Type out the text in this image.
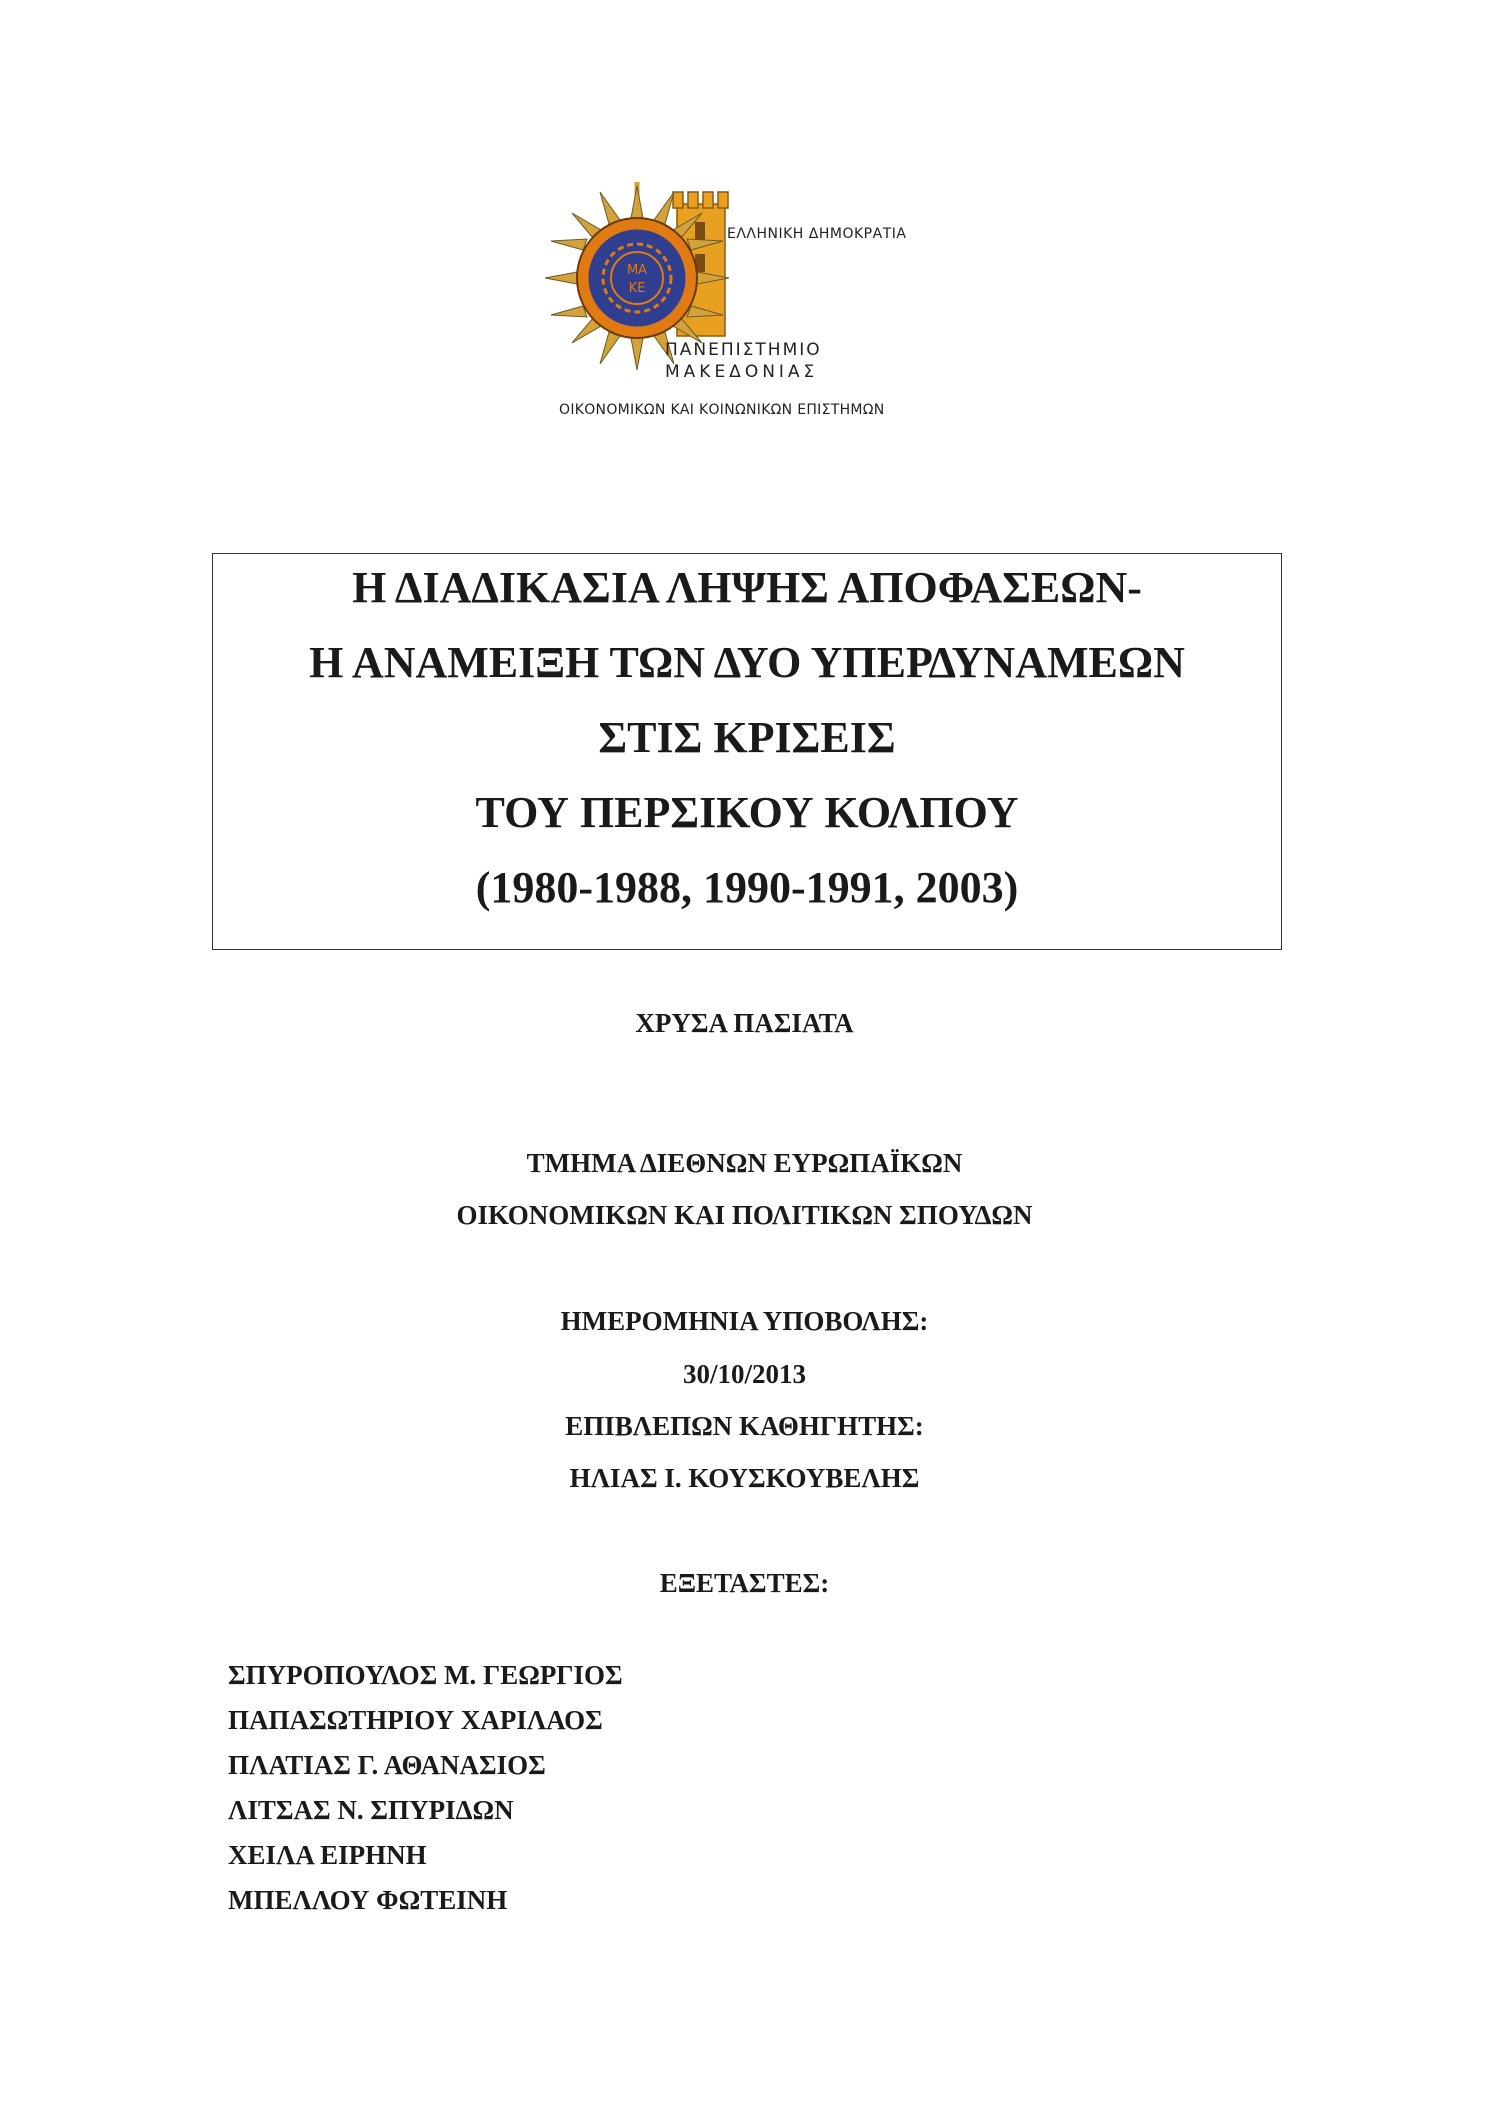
ΜΑ
ΚΕ
ΕΛΛΗΝΙΚΗ ΔΗΜΟΚΡΑΤΙΑ
ΠΑΝΕΠΙΣΤΗΜΙΟ
ΜΑΚΕΔΟΝΙΑΣ
ΟΙΚΟΝΟΜΙΚΩΝ ΚΑΙ ΚΟΙΝΩΝΙΚΩΝ ΕΠΙΣΤΗΜΩΝ
Η ΔΙΑΔΙΚΑΣΙΑ ΛΗΨΗΣ ΑΠΟΦΑΣΕΩΝ-
Η ΑΝΑΜΕΙΞΗ ΤΩΝ ΔΥΟ ΥΠΕΡΔΥΝΑΜΕΩΝ
ΣΤΙΣ ΚΡΙΣΕΙΣ
ΤΟΥ ΠΕΡΣΙΚΟΥ ΚΟΛΠΟΥ
(1980-1988, 1990-1991, 2003)
ΧΡΥΣΑ ΠΑΣΙΑΤΑ
ΤΜΗΜΑ ΔΙΕΘΝΩΝ ΕΥΡΩΠΑΪΚΩΝ
ΟΙΚΟΝΟΜΙΚΩΝ ΚΑΙ ΠΟΛΙΤΙΚΩΝ ΣΠΟΥΔΩΝ
ΗΜΕΡΟΜΗΝΙΑ ΥΠΟΒΟΛΗΣ:
30/10/2013
ΕΠΙΒΛΕΠΩΝ ΚΑΘΗΓΗΤΗΣ:
ΗΛΙΑΣ Ι. ΚΟΥΣΚΟΥΒΕΛΗΣ
ΕΞΕΤΑΣΤΕΣ:
ΣΠΥΡΟΠΟΥΛΟΣ Μ. ΓΕΩΡΓΙΟΣ
ΠΑΠΑΣΩΤΗΡΙΟΥ ΧΑΡΙΛΑΟΣ
ΠΛΑΤΙΑΣ Γ. ΑΘΑΝΑΣΙΟΣ
ΛΙΤΣΑΣ Ν. ΣΠΥΡΙΔΩΝ
ΧΕΙΛΑ ΕΙΡΗΝΗ
ΜΠΕΛΛΟΥ ΦΩΤΕΙΝΗ
